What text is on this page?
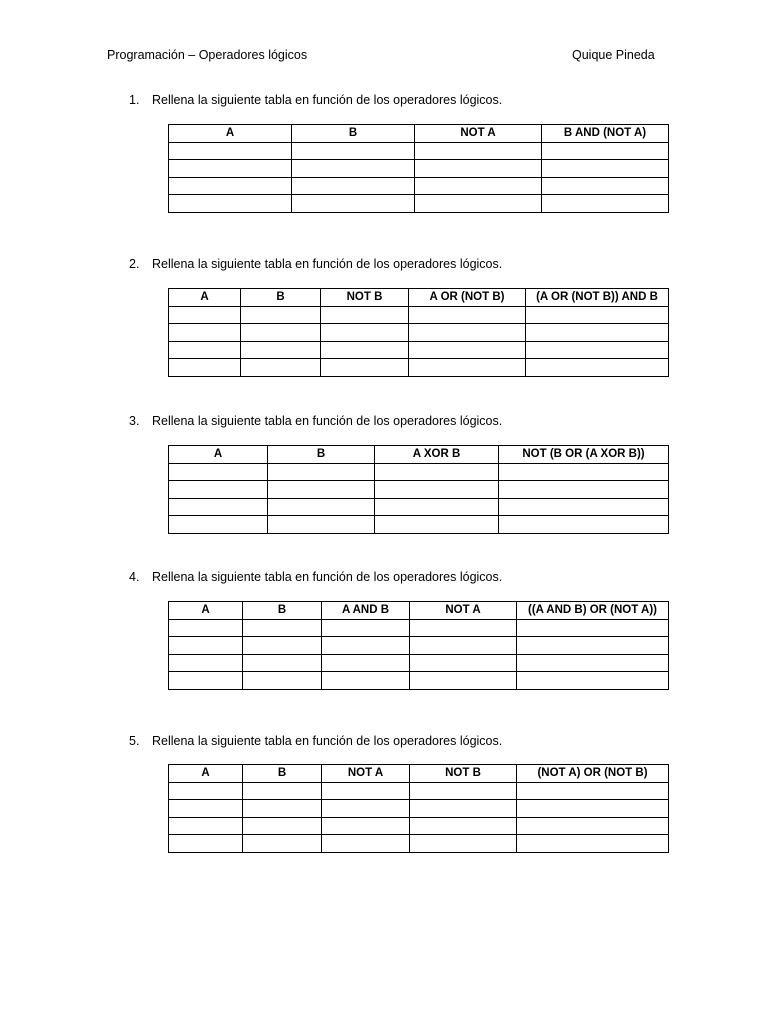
Programación – Operadores lógicos	Quique Pineda
1. Rellena la siguiente tabla en función de los operadores lógicos.
A	B	NOT A	B AND (NOT A)

2. Rellena la siguiente tabla en función de los operadores lógicos.
A	B	NOT B	A OR (NOT B)	(A OR (NOT B)) AND B

3. Rellena la siguiente tabla en función de los operadores lógicos.
A	B	A XOR B	NOT (B OR (A XOR B))

4. Rellena la siguiente tabla en función de los operadores lógicos.
A	B	A AND B	NOT A	((A AND B) OR (NOT A))

5. Rellena la siguiente tabla en función de los operadores lógicos.
A	B	NOT A	NOT B	(NOT A) OR (NOT B)
